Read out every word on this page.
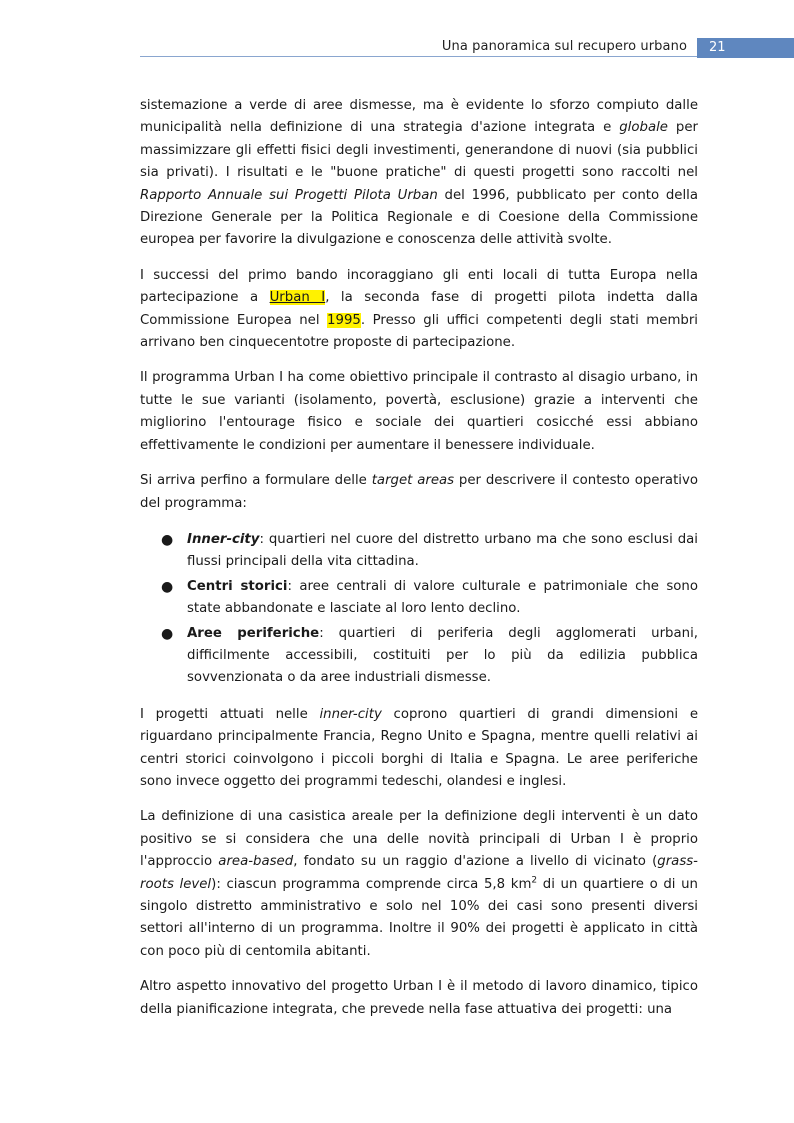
Una panoramica sul recupero urbano	21

sistemazione a verde di aree dismesse, ma è evidente lo sforzo compiuto dalle municipalità nella definizione di una strategia d'azione integrata e globale per massimizzare gli effetti fisici degli investimenti, generandone di nuovi (sia pubblici sia privati). I risultati e le "buone pratiche" di questi progetti sono raccolti nel Rapporto Annuale sui Progetti Pilota Urban del 1996, pubblicato per conto della Direzione Generale per la Politica Regionale e di Coesione della Commissione europea per favorire la divulgazione e conoscenza delle attività svolte.

I successi del primo bando incoraggiano gli enti locali di tutta Europa nella partecipazione a Urban I, la seconda fase di progetti pilota indetta dalla Commissione Europea nel 1995. Presso gli uffici competenti degli stati membri arrivano ben cinquecentotre proposte di partecipazione.

Il programma Urban I ha come obiettivo principale il contrasto al disagio urbano, in tutte le sue varianti (isolamento, povertà, esclusione) grazie a interventi che migliorino l'entourage fisico e sociale dei quartieri cosicché essi abbiano effettivamente le condizioni per aumentare il benessere individuale.

Si arriva perfino a formulare delle target areas per descrivere il contesto operativo del programma:

● Inner-city: quartieri nel cuore del distretto urbano ma che sono esclusi dai flussi principali della vita cittadina.
● Centri storici: aree centrali di valore culturale e patrimoniale che sono state abbandonate e lasciate al loro lento declino.
● Aree periferiche: quartieri di periferia degli agglomerati urbani, difficilmente accessibili, costituiti per lo più da edilizia pubblica sovvenzionata o da aree industriali dismesse.

I progetti attuati nelle inner-city coprono quartieri di grandi dimensioni e riguardano principalmente Francia, Regno Unito e Spagna, mentre quelli relativi ai centri storici coinvolgono i piccoli borghi di Italia e Spagna. Le aree periferiche sono invece oggetto dei programmi tedeschi, olandesi e inglesi.

La definizione di una casistica areale per la definizione degli interventi è un dato positivo se si considera che una delle novità principali di Urban I è proprio l'approccio area-based, fondato su un raggio d'azione a livello di vicinato (grass-roots level): ciascun programma comprende circa 5,8 $km^2$ di un quartiere o di un singolo distretto amministrativo e solo nel 10% dei casi sono presenti diversi settori all'interno di un programma. Inoltre il 90% dei progetti è applicato in città con poco più di centomila abitanti.

Altro aspetto innovativo del progetto Urban I è il metodo di lavoro dinamico, tipico della pianificazione integrata, che prevede nella fase attuativa dei progetti: una
